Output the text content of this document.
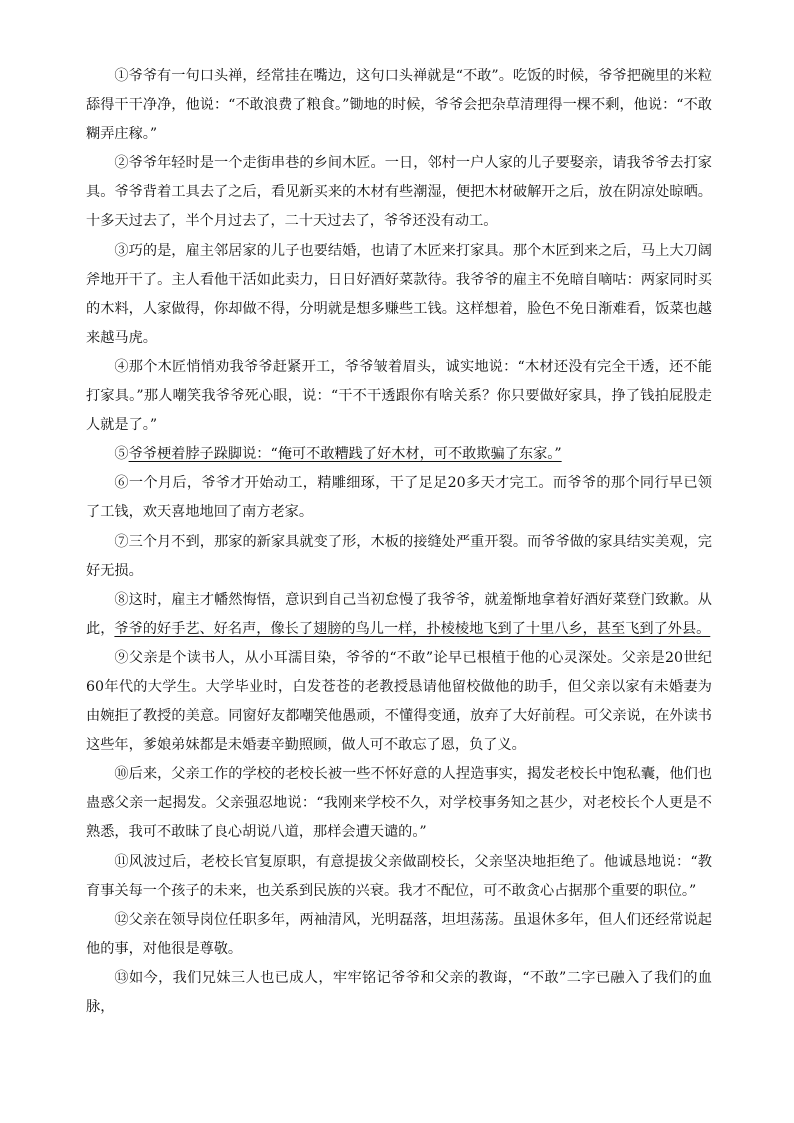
①爷爷有一句口头禅，经常挂在嘴边，这句口头禅就是“不敢”。吃饭的时候，爷爷把碗里的米粒舔得干干净净，他说：“不敢浪费了粮食。”锄地的时候，爷爷会把杂草清理得一棵不剩，他说：“不敢糊弄庄稼。”

②爷爷年轻时是一个走街串巷的乡间木匠。一日，邻村一户人家的儿子要娶亲，请我爷爷去打家具。爷爷背着工具去了之后，看见新买来的木材有些潮湿，便把木材破解开之后，放在阴凉处晾晒。十多天过去了，半个月过去了，二十天过去了，爷爷还没有动工。

③巧的是，雇主邻居家的儿子也要结婚，也请了木匠来打家具。那个木匠到来之后，马上大刀阔斧地开干了。主人看他干活如此卖力，日日好酒好菜款待。我爷爷的雇主不免暗自嘀咕：两家同时买的木料，人家做得，你却做不得，分明就是想多赚些工钱。这样想着，脸色不免日渐难看，饭菜也越来越马虎。

④那个木匠悄悄劝我爷爷赶紧开工，爷爷皱着眉头，诚实地说：“木材还没有完全干透，还不能打家具。”那人嘲笑我爷爷死心眼，说：“干不干透跟你有啥关系？你只要做好家具，挣了钱拍屁股走人就是了。”

⑤爷爷梗着脖子跺脚说：“俺可不敢糟践了好木材，可不敢欺骗了东家。”

⑥一个月后，爷爷才开始动工，精雕细琢，干了足足20多天才完工。而爷爷的那个同行早已领了工钱，欢天喜地地回了南方老家。

⑦三个月不到，那家的新家具就变了形，木板的接缝处严重开裂。而爷爷做的家具结实美观，完好无损。

⑧这时，雇主才幡然悔悟，意识到自己当初怠慢了我爷爷，就羞惭地拿着好酒好菜登门致歉。从此，爷爷的好手艺、好名声，像长了翅膀的鸟儿一样，扑棱棱地飞到了十里八乡，甚至飞到了外县。

⑨父亲是个读书人，从小耳濡目染，爷爷的“不敢”论早已根植于他的心灵深处。父亲是20世纪60年代的大学生。大学毕业时，白发苍苍的老教授恳请他留校做他的助手，但父亲以家有未婚妻为由婉拒了教授的美意。同窗好友都嘲笑他愚顽，不懂得变通，放弃了大好前程。可父亲说，在外读书这些年，爹娘弟妹都是未婚妻辛勤照顾，做人可不敢忘了恩，负了义。

⑩后来，父亲工作的学校的老校长被一些不怀好意的人捏造事实，揭发老校长中饱私囊，他们也蛊惑父亲一起揭发。父亲强忍地说：“我刚来学校不久，对学校事务知之甚少，对老校长个人更是不熟悉，我可不敢昧了良心胡说八道，那样会遭天谴的。”

⑪风波过后，老校长官复原职，有意提拔父亲做副校长，父亲坚决地拒绝了。他诚恳地说：“教育事关每一个孩子的未来，也关系到民族的兴衰。我才不配位，可不敢贪心占据那个重要的职位。”

⑫父亲在领导岗位任职多年，两袖清风，光明磊落，坦坦荡荡。虽退休多年，但人们还经常说起他的事，对他很是尊敬。

⑬如今，我们兄妹三人也已成人，牢牢铭记爷爷和父亲的教诲，“不敢”二字已融入了我们的血脉，
